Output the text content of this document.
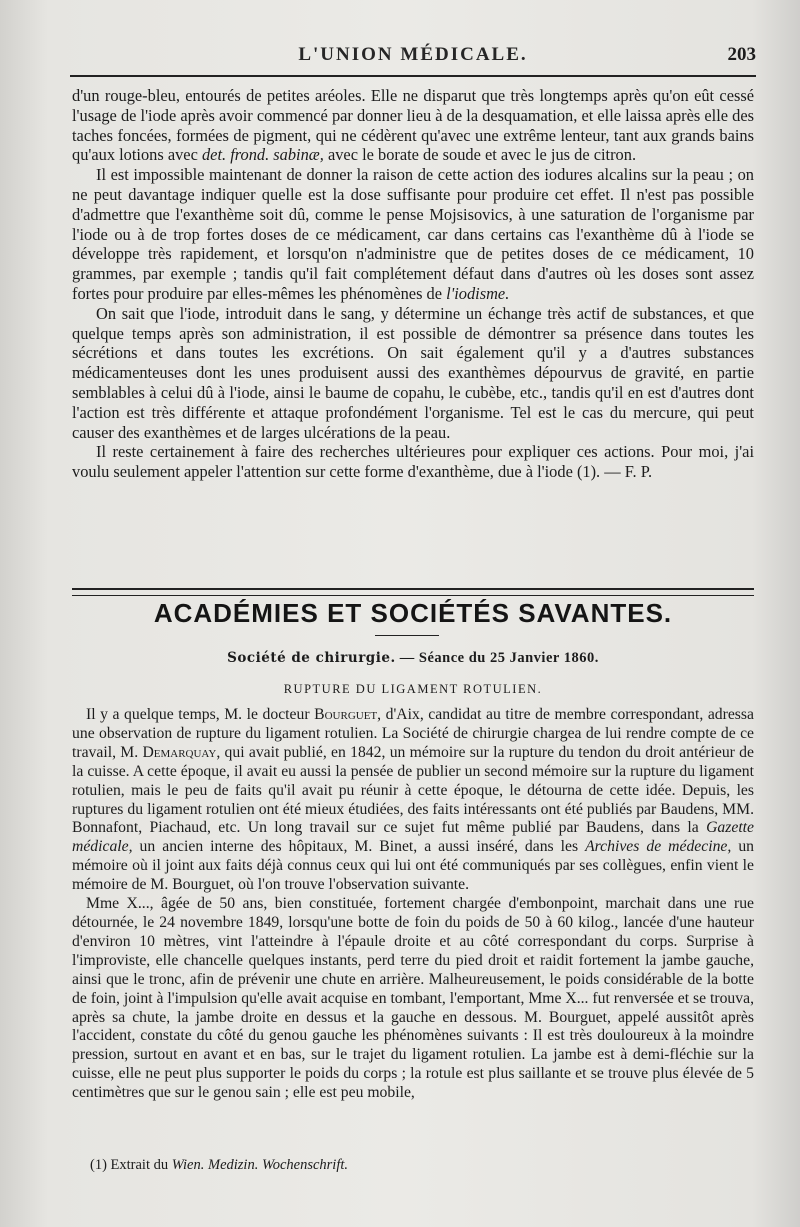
L'UNION MÉDICALE.	203

d'un rouge-bleu, entourés de petites aréoles. Elle ne disparut que très longtemps après qu'on eût cessé l'usage de l'iode après avoir commencé par donner lieu à de la desquamation, et elle laissa après elle des taches foncées, formées de pigment, qui ne cédèrent qu'avec une extrême lenteur, tant aux grands bains qu'aux lotions avec det. frond. sabinæ, avec le borate de soude et avec le jus de citron.

Il est impossible maintenant de donner la raison de cette action des iodures alcalins sur la peau ; on ne peut davantage indiquer quelle est la dose suffisante pour produire cet effet. Il n'est pas possible d'admettre que l'exanthème soit dû, comme le pense Mojsisovics, à une saturation de l'organisme par l'iode ou à de trop fortes doses de ce médicament, car dans certains cas l'exanthème dû à l'iode se développe très rapidement, et lorsqu'on n'administre que de petites doses de ce médicament, 10 grammes, par exemple ; tandis qu'il fait complétement défaut dans d'autres où les doses sont assez fortes pour produire par elles-mêmes les phénomènes de l'iodisme.

On sait que l'iode, introduit dans le sang, y détermine un échange très actif de substances, et que quelque temps après son administration, il est possible de démontrer sa présence dans toutes les sécrétions et dans toutes les excrétions. On sait également qu'il y a d'autres substances médicamenteuses dont les unes produisent aussi des exanthèmes dépourvus de gravité, en partie semblables à celui dû à l'iode, ainsi le baume de copahu, le cubèbe, etc., tandis qu'il en est d'autres dont l'action est très différente et attaque profondément l'organisme. Tel est le cas du mercure, qui peut causer des exanthèmes et de larges ulcérations de la peau.

Il reste certainement à faire des recherches ultérieures pour expliquer ces actions. Pour moi, j'ai voulu seulement appeler l'attention sur cette forme d'exanthème, due à l'iode (1). — F. P.

ACADÉMIES ET SOCIÉTÉS SAVANTES.
Société de chirurgie. — Séance du 25 Janvier 1860.
RUPTURE DU LIGAMENT ROTULIEN.

Il y a quelque temps, M. le docteur Bourguet, d'Aix, candidat au titre de membre correspondant, adressa une observation de rupture du ligament rotulien. La Société de chirurgie chargea de lui rendre compte de ce travail, M. Demarquay, qui avait publié, en 1842, un mémoire sur la rupture du tendon du droit antérieur de la cuisse. A cette époque, il avait eu aussi la pensée de publier un second mémoire sur la rupture du ligament rotulien, mais le peu de faits qu'il avait pu réunir à cette époque, le détourna de cette idée. Depuis, les ruptures du ligament rotulien ont été mieux étudiées, des faits intéressants ont été publiés par Baudens, MM. Bonnafont, Piachaud, etc. Un long travail sur ce sujet fut même publié par Baudens, dans la Gazette médicale, un ancien interne des hôpitaux, M. Binet, a aussi inséré, dans les Archives de médecine, un mémoire où il joint aux faits déjà connus ceux qui lui ont été communiqués par ses collègues, enfin vient le mémoire de M. Bourguet, où l'on trouve l'observation suivante.

Mme X..., âgée de 50 ans, bien constituée, fortement chargée d'embonpoint, marchait dans une rue détournée, le 24 novembre 1849, lorsqu'une botte de foin du poids de 50 à 60 kilog., lancée d'une hauteur d'environ 10 mètres, vint l'atteindre à l'épaule droite et au côté correspondant du corps. Surprise à l'improviste, elle chancelle quelques instants, perd terre du pied droit et raidit fortement la jambe gauche, ainsi que le tronc, afin de prévenir une chute en arrière. Malheureusement, le poids considérable de la botte de foin, joint à l'impulsion qu'elle avait acquise en tombant, l'emportant, Mme X... fut renversée et se trouva, après sa chute, la jambe droite en dessus et la gauche en dessous. M. Bourguet, appelé aussitôt après l'accident, constate du côté du genou gauche les phénomènes suivants : Il est très douloureux à la moindre pression, surtout en avant et en bas, sur le trajet du ligament rotulien. La jambe est à demi-fléchie sur la cuisse, elle ne peut plus supporter le poids du corps ; la rotule est plus saillante et se trouve plus élevée de 5 centimètres que sur le genou sain ; elle est peu mobile,

(1) Extrait du Wien. Medizin. Wochenschrift.
